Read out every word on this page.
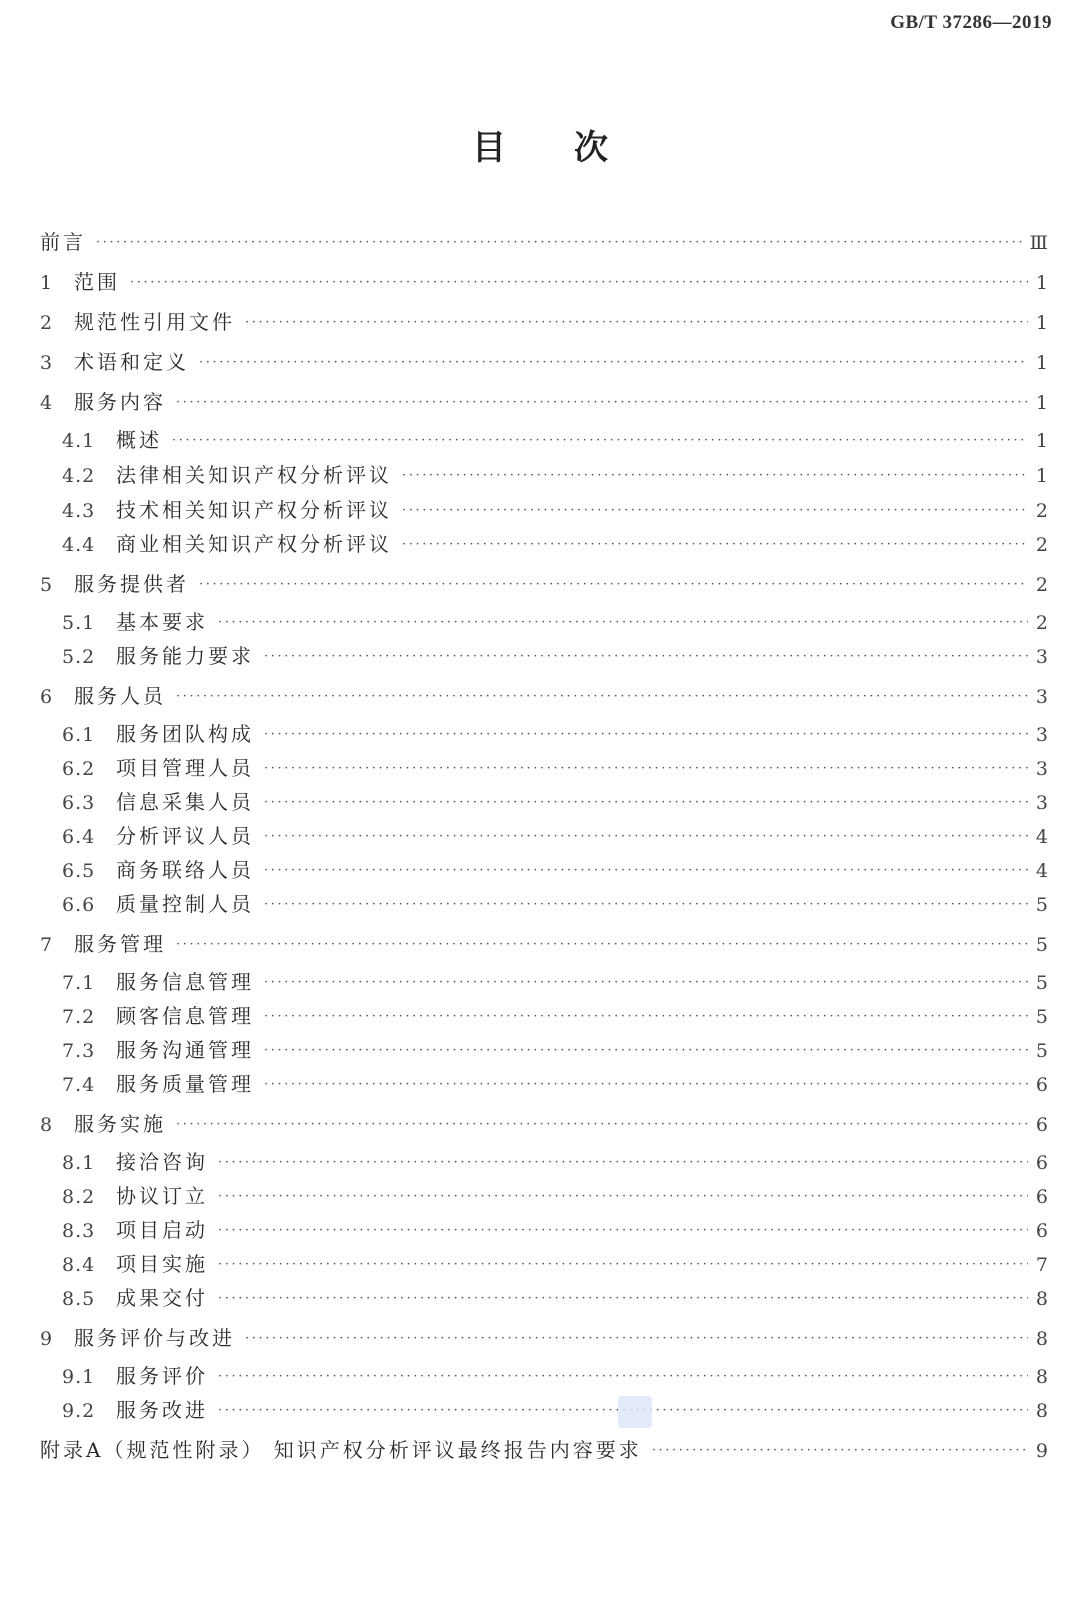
GB/T 37286—2019
目次
前言 ·····	Ⅲ
1	范围 ·····	1
2	规范性引用文件 ·····	1
3	术语和定义 ·····	1
4	服务内容 ·····	1
4.1	概述 ·····	1
4.2	法律相关知识产权分析评议 ·····	1
4.3	技术相关知识产权分析评议 ·····	2
4.4	商业相关知识产权分析评议 ·····	2
5	服务提供者 ·····	2
5.1	基本要求 ·····	2
5.2	服务能力要求 ·····	3
6	服务人员 ·····	3
6.1	服务团队构成 ·····	3
6.2	项目管理人员 ·····	3
6.3	信息采集人员 ·····	3
6.4	分析评议人员 ·····	4
6.5	商务联络人员 ·····	4
6.6	质量控制人员 ·····	5
7	服务管理 ·····	5
7.1	服务信息管理 ·····	5
7.2	顾客信息管理 ·····	5
7.3	服务沟通管理 ·····	5
7.4	服务质量管理 ·····	6
8	服务实施 ·····	6
8.1	接洽咨询 ·····	6
8.2	协议订立 ·····	6
8.3	项目启动 ·····	6
8.4	项目实施 ·····	7
8.5	成果交付 ·····	8
9	服务评价与改进 ·····	8
9.1	服务评价 ·····	8
9.2	服务改进 ·····	8
附录A（规范性附录） 知识产权分析评议最终报告内容要求 ·····	9
